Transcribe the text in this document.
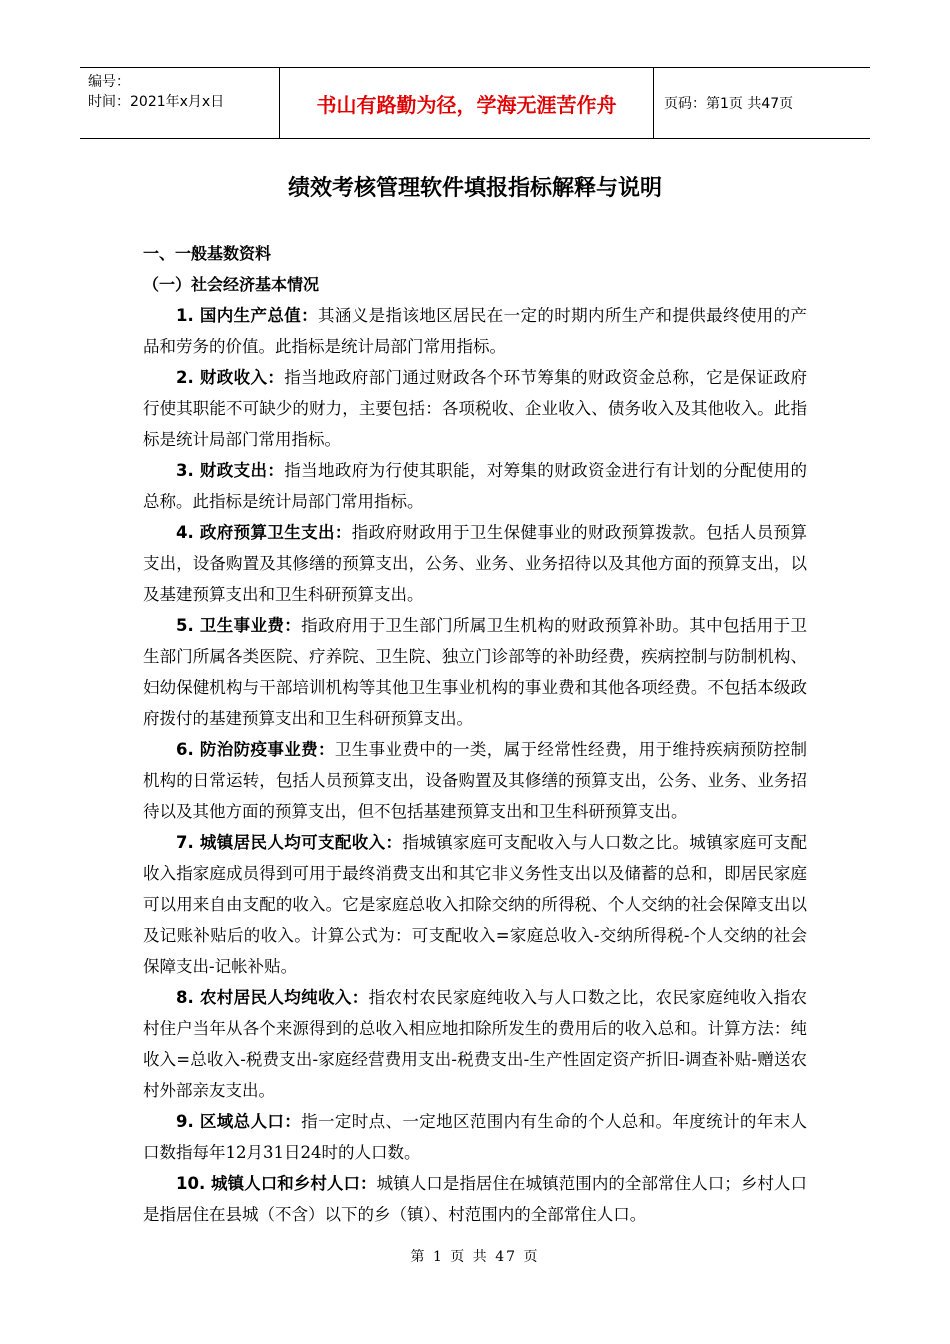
编号：
时间：2021年x月x日	书山有路勤为径，学海无涯苦作舟	页码：第1页 共47页
绩效考核管理软件填报指标解释与说明
一、一般基数资料
（一）社会经济基本情况

1. 国内生产总值：其涵义是指该地区居民在一定的时期内所生产和提供最终使用的产品和劳务的价值。此指标是统计局部门常用指标。

2. 财政收入：指当地政府部门通过财政各个环节筹集的财政资金总称，它是保证政府行使其职能不可缺少的财力，主要包括：各项税收、企业收入、债务收入及其他收入。此指标是统计局部门常用指标。

3. 财政支出：指当地政府为行使其职能，对筹集的财政资金进行有计划的分配使用的总称。此指标是统计局部门常用指标。

4. 政府预算卫生支出：指政府财政用于卫生保健事业的财政预算拨款。包括人员预算支出，设备购置及其修缮的预算支出，公务、业务、业务招待以及其他方面的预算支出，以及基建预算支出和卫生科研预算支出。

5. 卫生事业费：指政府用于卫生部门所属卫生机构的财政预算补助。其中包括用于卫生部门所属各类医院、疗养院、卫生院、独立门诊部等的补助经费，疾病控制与防制机构、妇幼保健机构与干部培训机构等其他卫生事业机构的事业费和其他各项经费。不包括本级政府拨付的基建预算支出和卫生科研预算支出。

6. 防治防疫事业费：卫生事业费中的一类，属于经常性经费，用于维持疾病预防控制机构的日常运转，包括人员预算支出，设备购置及其修缮的预算支出，公务、业务、业务招待以及其他方面的预算支出，但不包括基建预算支出和卫生科研预算支出。

7. 城镇居民人均可支配收入：指城镇家庭可支配收入与人口数之比。城镇家庭可支配收入指家庭成员得到可用于最终消费支出和其它非义务性支出以及储蓄的总和，即居民家庭可以用来自由支配的收入。它是家庭总收入扣除交纳的所得税、个人交纳的社会保障支出以及记账补贴后的收入。计算公式为：可支配收入=家庭总收入-交纳所得税-个人交纳的社会保障支出-记帐补贴。

8. 农村居民人均纯收入：指农村农民家庭纯收入与人口数之比，农民家庭纯收入指农村住户当年从各个来源得到的总收入相应地扣除所发生的费用后的收入总和。计算方法：纯收入=总收入-税费支出-家庭经营费用支出-税费支出-生产性固定资产折旧-调查补贴-赠送农村外部亲友支出。

9. 区域总人口：指一定时点、一定地区范围内有生命的个人总和。年度统计的年末人口数指每年12月31日24时的人口数。

10. 城镇人口和乡村人口：城镇人口是指居住在城镇范围内的全部常住人口；乡村人口是指居住在县城（不含）以下的乡（镇）、村范围内的全部常住人口。

第 1 页 共 47 页
